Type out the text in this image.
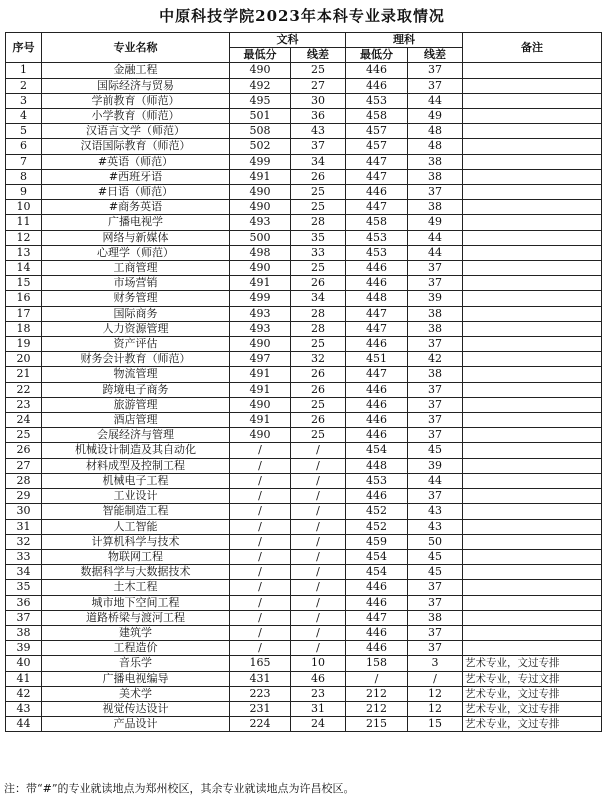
中原科技学院2023年本科专业录取情况
序号	专业名称	文科		理科		备注
		最低分	线差	最低分	线差	
1	金融工程	490	25	446	37	
2	国际经济与贸易	492	27	446	37	
3	学前教育（师范）	495	30	453	44	
4	小学教育（师范）	501	36	458	49	
5	汉语言文学（师范）	508	43	457	48	
6	汉语国际教育（师范）	502	37	457	48	
7	#英语（师范）	499	34	447	38	
8	#西班牙语	491	26	447	38	
9	#日语（师范）	490	25	446	37	
10	#商务英语	490	25	447	38	
11	广播电视学	493	28	458	49	
12	网络与新媒体	500	35	453	44	
13	心理学（师范）	498	33	453	44	
14	工商管理	490	25	446	37	
15	市场营销	491	26	446	37	
16	财务管理	499	34	448	39	
17	国际商务	493	28	447	38	
18	人力资源管理	493	28	447	38	
19	资产评估	490	25	446	37	
20	财务会计教育（师范）	497	32	451	42	
21	物流管理	491	26	447	38	
22	跨境电子商务	491	26	446	37	
23	旅游管理	490	25	446	37	
24	酒店管理	491	26	446	37	
25	会展经济与管理	490	25	446	37	
26	机械设计制造及其自动化	/	/	454	45	
27	材料成型及控制工程	/	/	448	39	
28	机械电子工程	/	/	453	44	
29	工业设计	/	/	446	37	
30	智能制造工程	/	/	452	43	
31	人工智能	/	/	452	43	
32	计算机科学与技术	/	/	459	50	
33	物联网工程	/	/	454	45	
34	数据科学与大数据技术	/	/	454	45	
35	土木工程	/	/	446	37	
36	城市地下空间工程	/	/	446	37	
37	道路桥梁与渡河工程	/	/	447	38	
38	建筑学	/	/	446	37	
39	工程造价	/	/	446	37	
40	音乐学	165	10	158	3	艺术专业，文过专排
41	广播电视编导	431	46	/	/	艺术专业，专过文排
42	美术学	223	23	212	12	艺术专业，文过专排
43	视觉传达设计	231	31	212	12	艺术专业，文过专排
44	产品设计	224	24	215	15	艺术专业，文过专排
注：带“#”的专业就读地点为郑州校区，其余专业就读地点为许昌校区。
